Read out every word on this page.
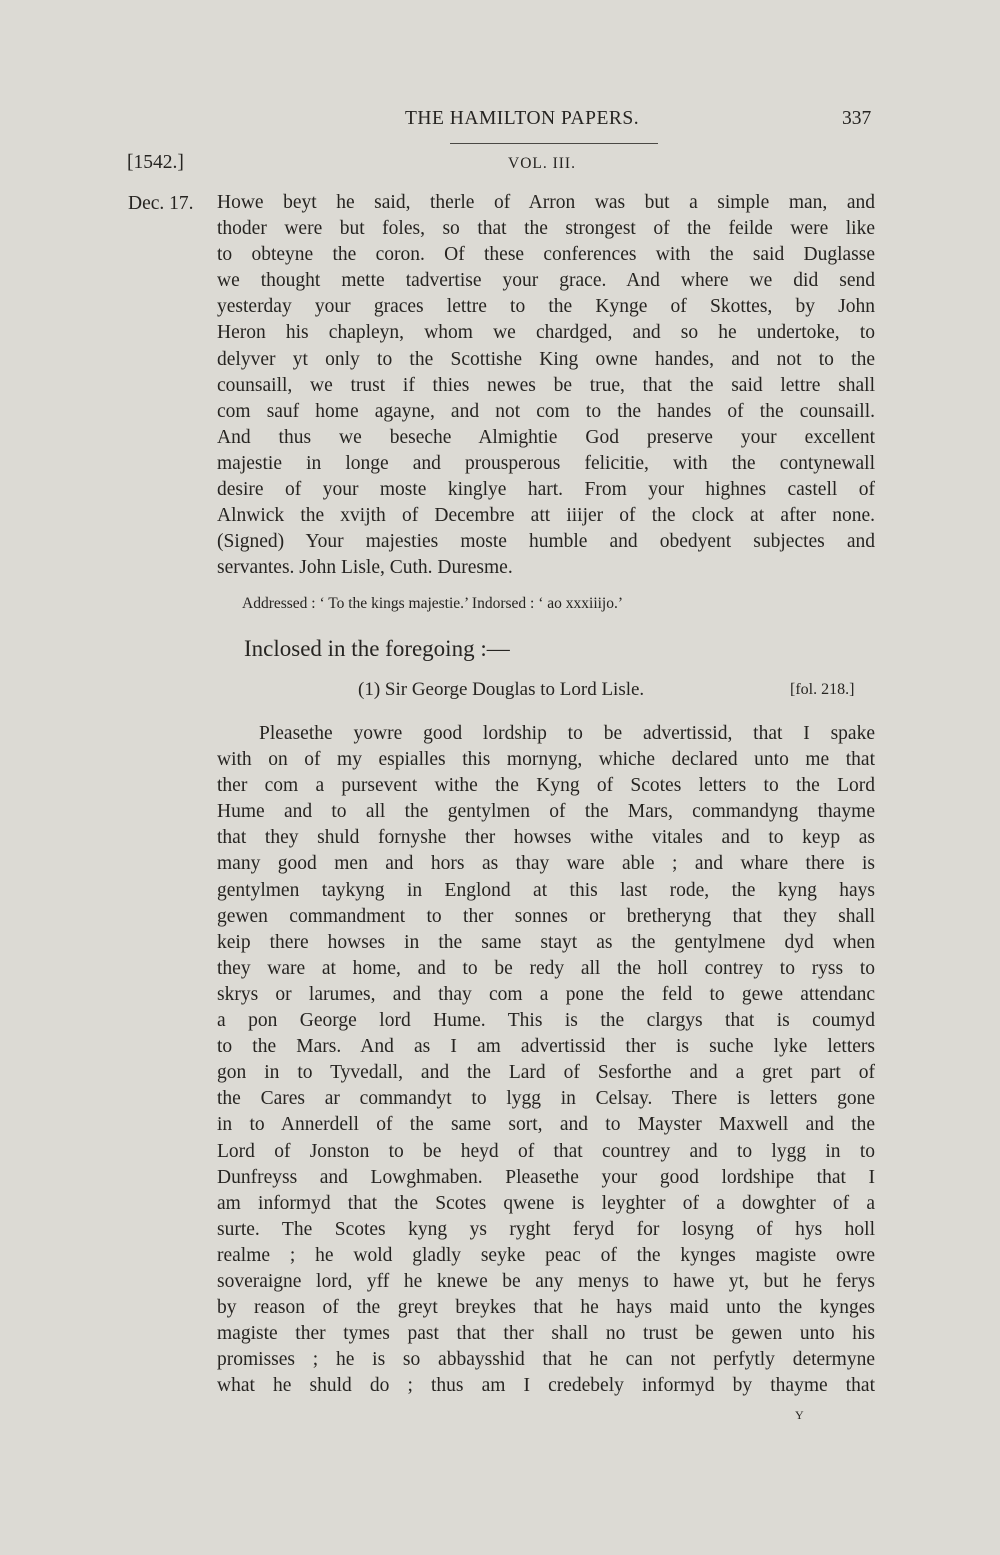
THE HAMILTON PAPERS.	337
[1542.]	VOL. III.
Dec. 17. Howe beyt he said, therle of Arron was but a simple man, and
thoder were but foles, so that the strongest of the feilde were like
to obteyne the coron. Of these conferences with the said Duglasse
we thought mette tadvertise your grace. And where we did send
yesterday your graces lettre to the Kynge of Skottes, by John
Heron his chapleyn, whom we chardged, and so he undertoke, to
delyver yt only to the Scottishe King owne handes, and not to the
counsaill, we trust if thies newes be true, that the said lettre shall
com sauf home agayne, and not com to the handes of the counsaill.
And thus we beseche Almightie God preserve your excellent
majestie in longe and prousperous felicitie, with the contynewall
desire of your moste kinglye hart. From your highnes castell of
Alnwick the xvijth of Decembre att iiijer of the clock at after none.
(Signed) Your majesties moste humble and obedyent subjectes and
servantes. John Lisle, Cuth. Duresme.
Addressed : ‘ To the kings majestie.’ Indorsed : ‘ ao xxxiiijo.’
Inclosed in the foregoing :—
(1) Sir George Douglas to Lord Lisle.	[fol. 218.]
Pleasethe yowre good lordship to be advertissid, that I spake
with on of my espialles this mornyng, whiche declared unto me that
ther com a pursevent withe the Kyng of Scotes letters to the Lord
Hume and to all the gentylmen of the Mars, commandyng thayme
that they shuld fornyshe ther howses withe vitales and to keyp as
many good men and hors as thay ware able ; and whare there is
gentylmen taykyng in Englond at this last rode, the kyng hays
gewen commandment to ther sonnes or bretheryng that they shall
keip there howses in the same stayt as the gentylmene dyd when
they ware at home, and to be redy all the holl contrey to ryss to
skrys or larumes, and thay com a pone the feld to gewe attendanc
a pon George lord Hume. This is the clargys that is coumyd
to the Mars. And as I am advertissid ther is suche lyke letters
gon in to Tyvedall, and the Lard of Sesforthe and a gret part of
the Cares ar commandyt to lygg in Celsay. There is letters gone
in to Annerdell of the same sort, and to Mayster Maxwell and the
Lord of Jonston to be heyd of that countrey and to lygg in to
Dunfreyss and Lowghmaben. Pleasethe your good lordshipe that I
am informyd that the Scotes qwene is leyghter of a dowghter of a
surte. The Scotes kyng ys ryght feryd for losyng of hys holl
realme ; he wold gladly seyke peac of the kynges magiste owre
soveraigne lord, yff he knewe be any menys to hawe yt, but he ferys
by reason of the greyt breykes that he hays maid unto the kynges
magiste ther tymes past that ther shall no trust be gewen unto his
promisses ; he is so abbaysshid that he can not perfytly determyne
what he shuld do ; thus am I credebely informyd by thayme that
Y
